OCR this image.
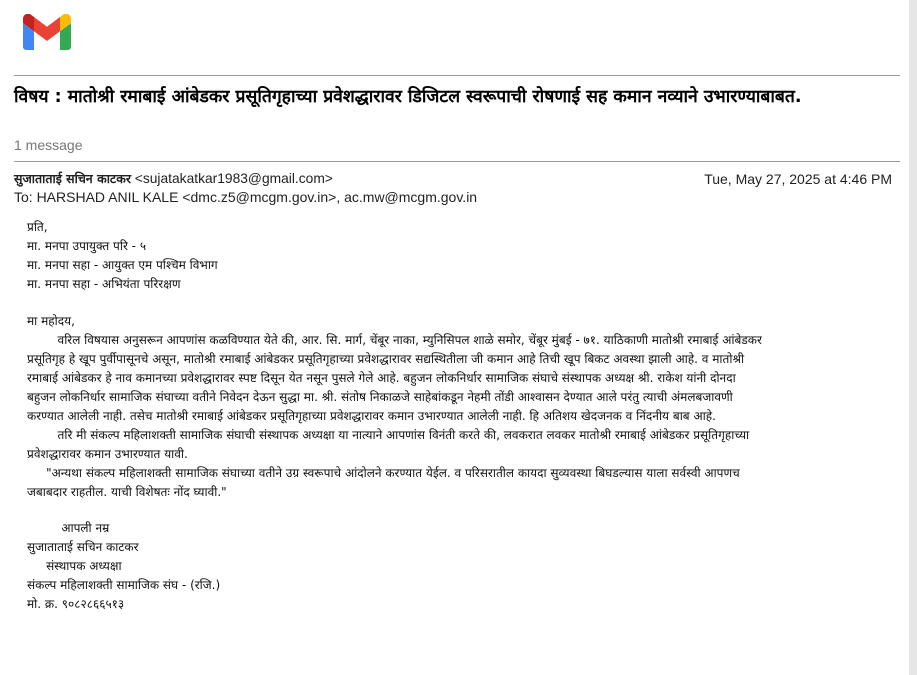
विषय : मातोश्री रमाबाई आंबेडकर प्रसूतिगृहाच्या प्रवेशद्धारावर डिजिटल स्वरूपाची रोषणाई सह कमान नव्याने उभारण्याबाबत.
1 message
सुजाताताई सचिन काटकर <sujatakatkar1983@gmail.com>	Tue, May 27, 2025 at 4:46 PM
To: HARSHAD ANIL KALE <dmc.z5@mcgm.gov.in>, ac.mw@mcgm.gov.in
प्रति,
मा. मनपा उपायुक्त परि - ५
मा. मनपा सहा - आयुक्त एम पश्चिम विभाग
मा. मनपा सहा - अभियंता परिरक्षण
मा महोदय,
वरिल विषयास अनुसरून आपणांस कळविण्यात येते की, आर. सि. मार्ग, चेंबूर नाका, म्युनिसिपल शाळे समोर, चेंबूर मुंबई - ७१. याठिकाणी मातोश्री रमाबाई आंबेडकर
प्रसूतिगृह हे खूप पुर्वीपासूनचे असून, मातोश्री रमाबाई आंबेडकर प्रसूतिगृहाच्या प्रवेशद्धारावर सद्यस्थितीला जी कमान आहे तिची खूप बिकट अवस्था झाली आहे. व मातोश्री
रमाबाई आंबेडकर हे नाव कमानच्या प्रवेशद्धारावर स्पष्ट दिसून येत नसून पुसले गेले आहे. बहुजन लोकनिर्धार सामाजिक संघाचे संस्थापक अध्यक्ष श्री. राकेश यांनी दोनदा
बहुजन लोकनिर्धार सामाजिक संघाच्या वतीने निवेदन देऊन सुद्धा मा. श्री. संतोष निकाळजे साहेबांकडून नेहमी तोंडी आश्वासन देण्यात आले परंतु त्याची अंमलबजावणी
करण्यात आलेली नाही. तसेच मातोश्री रमाबाई आंबेडकर प्रसूतिगृहाच्या प्रवेशद्धारावर कमान उभारण्यात आलेली नाही. हि अतिशय खेदजनक व निंदनीय बाब आहे.
तरि मी संकल्प महिलाशक्ती सामाजिक संघाची संस्थापक अध्यक्षा या नात्याने आपणांस विनंती करते की, लवकरात लवकर मातोश्री रमाबाई आंबेडकर प्रसूतिगृहाच्या
प्रवेशद्धारावर कमान उभारण्यात यावी.
"अन्यथा संकल्प महिलाशक्ती सामाजिक संघाच्या वतीने उग्र स्वरूपाचे आंदोलने करण्यात येईल. व परिसरातील कायदा सुव्यवस्था बिघडल्यास याला सर्वस्वी आपणच
जबाबदार राहतील. याची विशेषतः नोंद घ्यावी."
आपली नम्र
सुजाताताई सचिन काटकर
संस्थापक अध्यक्षा
संकल्प महिलाशक्ती सामाजिक संघ - (रजि.)
मो. क्र. ९०८२८६६५१३
